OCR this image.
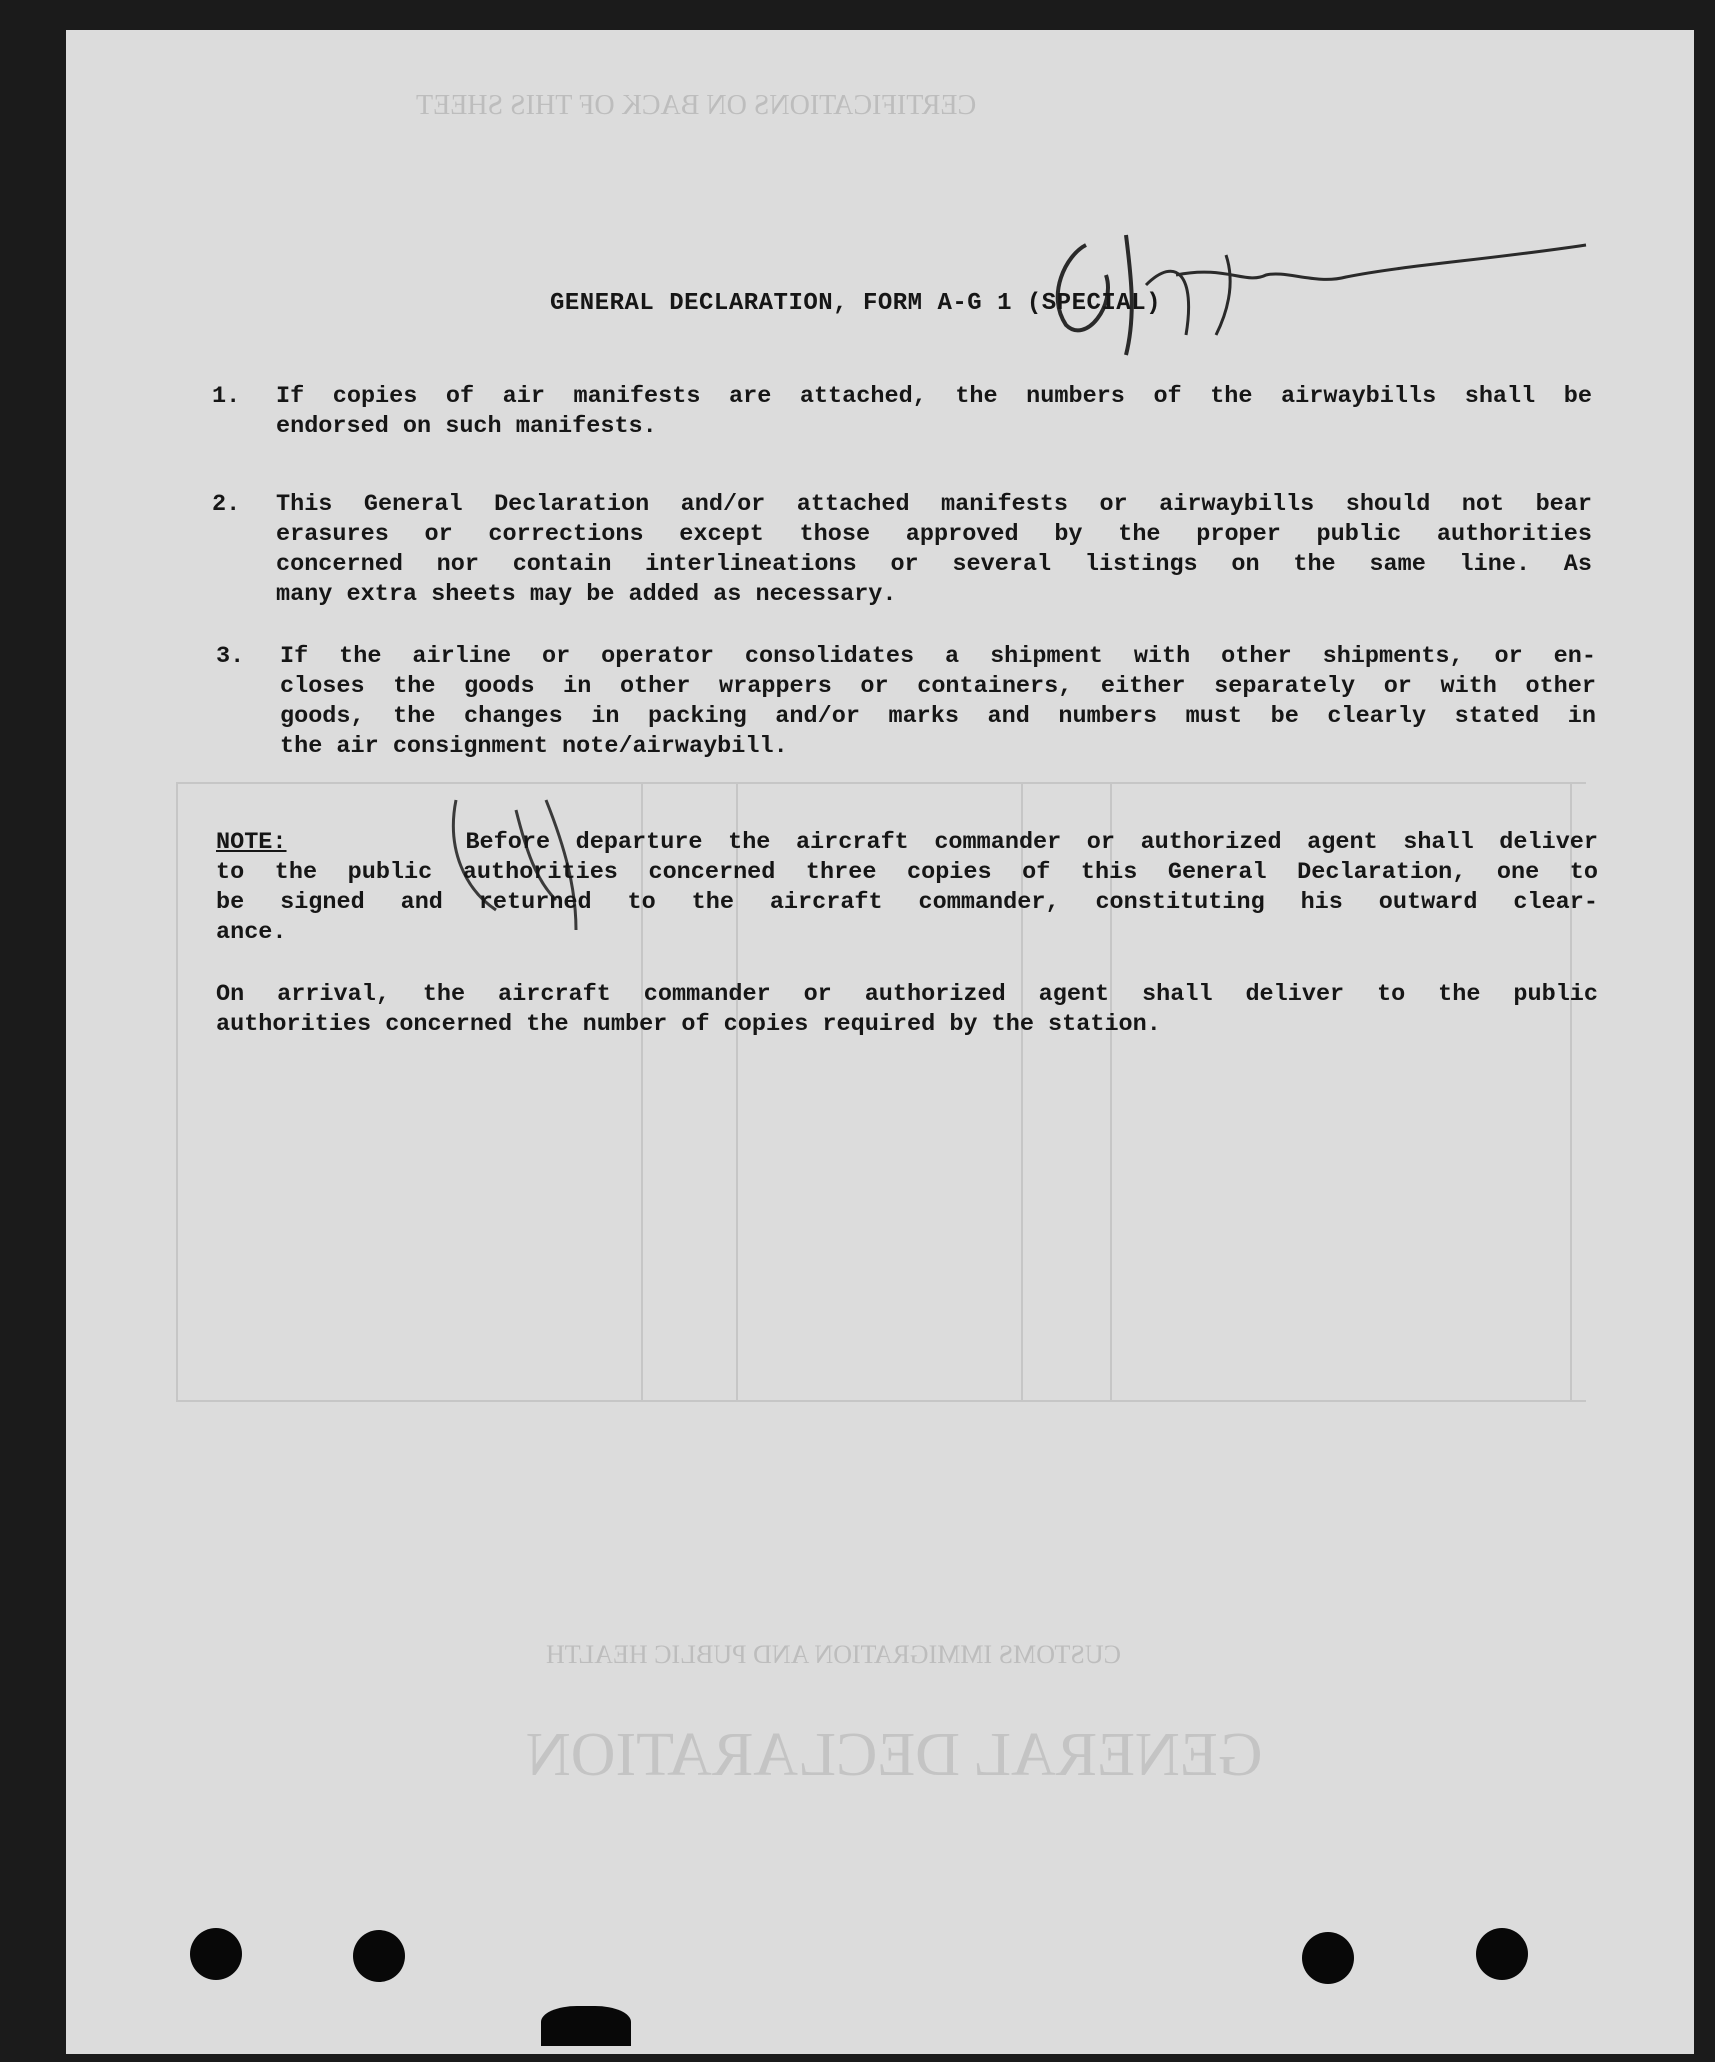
GENERAL DECLARATION
CUSTOMS IMMIGRATION AND PUBLIC HEALTH
CERTIFICATIONS ON BACK OF THIS SHEET
GENERAL DECLARATION, FORM A-G 1 (SPECIAL)
1. If copies of air manifests are attached, the numbers of the airwaybills shall be
endorsed on such manifests.
2. This General Declaration and/or attached manifests or airwaybills should not bear
erasures or corrections except those approved by the proper public authorities
concerned nor contain interlineations or several listings on the same line. As
many extra sheets may be added as necessary.
3. If the airline or operator consolidates a shipment with other shipments, or en-
closes the goods in other wrappers or containers, either separately or with other
goods, the changes in packing and/or marks and numbers must be clearly stated in
the air consignment note/airwaybill.
NOTE:	Before departure the aircraft commander or authorized agent shall deliver
to the public authorities concerned three copies of this General Declaration, one to
be signed and returned to the aircraft commander, constituting his outward clear-
ance.
On arrival, the aircraft commander or authorized agent shall deliver to the public
authorities concerned the number of copies required by the station.
